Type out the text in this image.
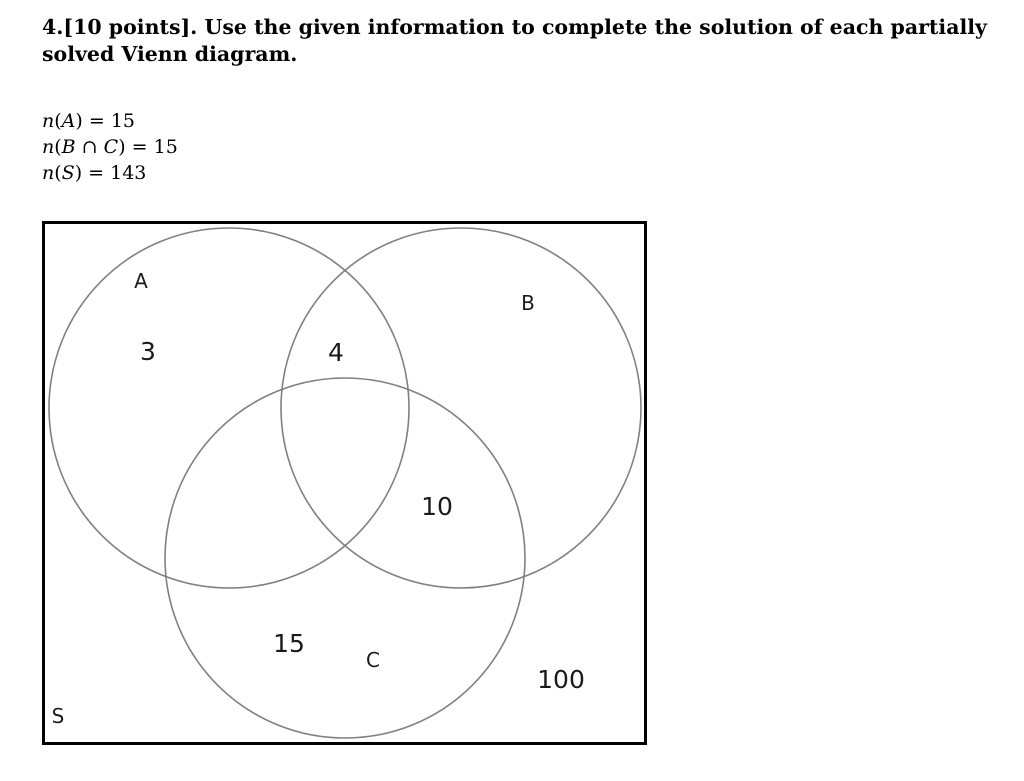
4.[10 points]. Use the given information to complete the solution of each partially solved Vienn diagram.
n(A) = 15
n(B ∩ C) = 15
n(S) = 143
A
B
C
S
3	4
10
15
100
